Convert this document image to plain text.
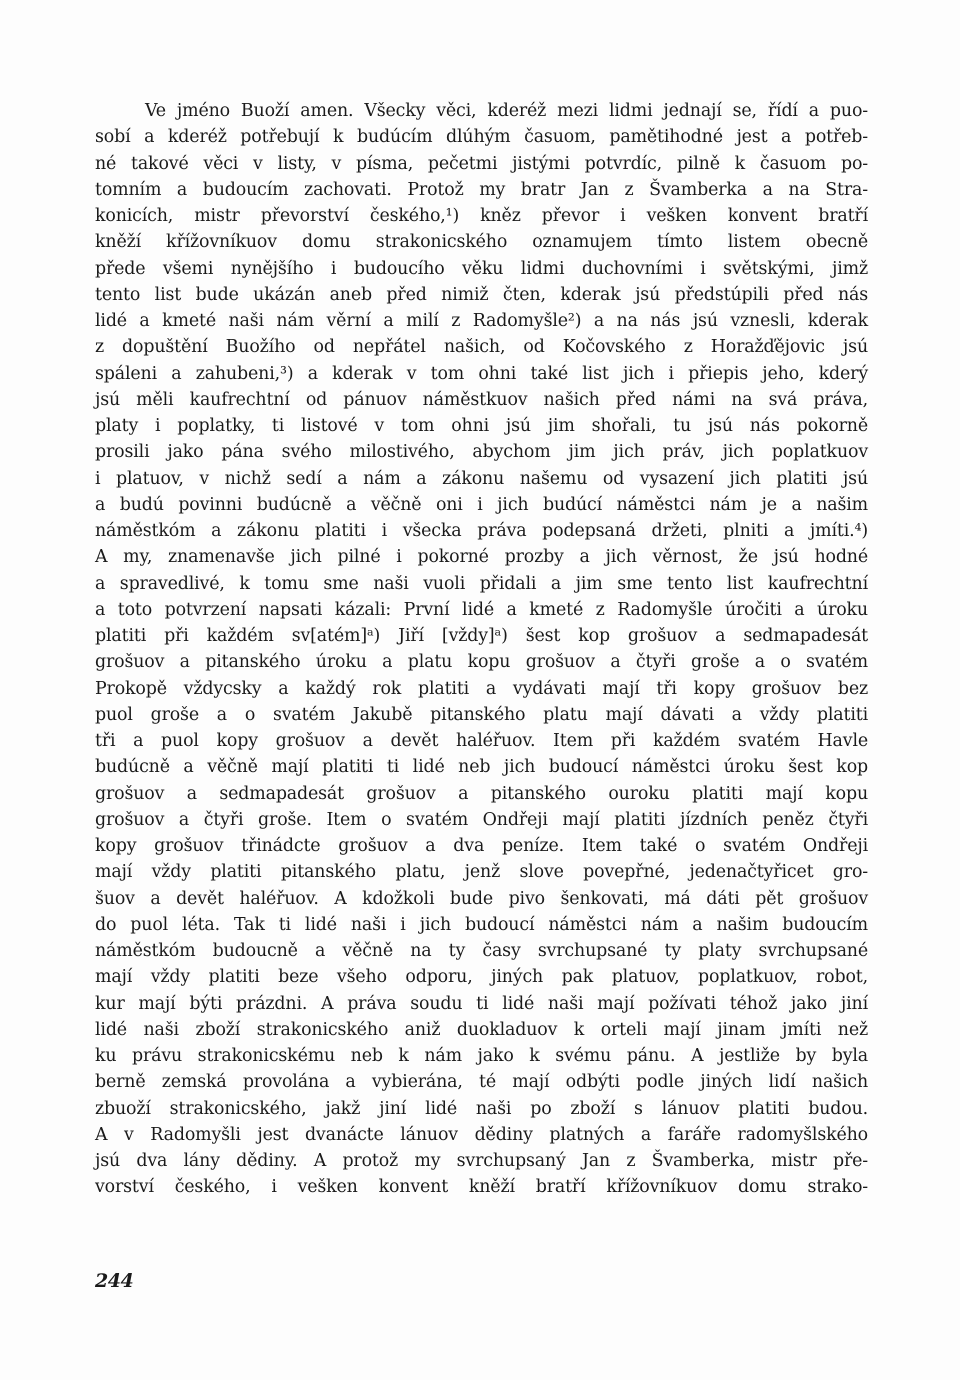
Ve jméno Buoží amen. Všecky věci, kderéž mezi lidmi jednají se, řídí a puo-
sobí a kderéž potřebují k budúcím dlúhým časuom, pamětihodné jest a potřeb-
né takové věci v listy, v písma, pečetmi jistými potvrdíc, pilně k časuom po-
tomním a budoucím zachovati. Protož my bratr Jan z Švamberka a na Stra-
konicích, mistr převorství českého,¹) kněz převor i vešken konvent bratří
kněží křížovníkuov domu strakonicského oznamujem tímto listem obecně
přede všemi nynějšího i budoucího věku lidmi duchovními i světskými, jimž
tento list bude ukázán aneb před nimiž čten, kderak jsú předstúpili před nás
lidé a kmeté naši nám věrní a milí z Radomyšle²) a na nás jsú vznesli, kderak
z dopuštění Buožího od nepřátel našich, od Kočovského z Horažďějovic jsú
spáleni a zahubeni,³) a kderak v tom ohni také list jich i přiepis jeho, kderý
jsú měli kaufrechtní od pánuov náměstkuov našich před námi na svá práva,
platy i poplatky, ti listové v tom ohni jsú jim shořali, tu jsú nás pokorně
prosili jako pána svého milostivého, abychom jim jich práv, jich poplatkuov
i platuov, v nichž sedí a nám a zákonu našemu od vysazení jich platiti jsú
a budú povinni budúcně a věčně oni i jich budúcí náměstci nám je a našim
náměstkóm a zákonu platiti i všecka práva podepsaná držeti, plniti a jmíti.⁴)
A my, znamenavše jich pilné i pokorné prozby a jich věrnost, že jsú hodné
a spravedlivé, k tomu sme naši vuoli přidali a jim sme tento list kaufrechtní
a toto potvrzení napsati kázali: První lidé a kmeté z Radomyšle úročiti a úroku
platiti při každém sv[atém]ᵃ) Jiří [vždy]ᵃ) šest kop grošuov a sedmapadesát
grošuov a pitanského úroku a platu kopu grošuov a čtyři groše a o svatém
Prokopě vždycsky a každý rok platiti a vydávati mají tři kopy grošuov bez
puol groše a o svatém Jakubě pitanského platu mají dávati a vždy platiti
tři a puol kopy grošuov a devět haléřuov. Item při každém svatém Havle
budúcně a věčně mají platiti ti lidé neb jich budoucí náměstci úroku šest kop
grošuov a sedmapadesát grošuov a pitanského ouroku platiti mají kopu
grošuov a čtyři groše. Item o svatém Ondřeji mají platiti jízdních peněz čtyři
kopy grošuov třinádcte grošuov a dva peníze. Item také o svatém Ondřeji
mají vždy platiti pitanského platu, jenž slove povepřné, jedenačtyřicet gro-
šuov a devět haléřuov. A kdožkoli bude pivo šenkovati, má dáti pět grošuov
do puol léta. Tak ti lidé naši i jich budoucí náměstci nám a našim budoucím
náměstkóm budoucně a věčně na ty časy svrchupsané ty platy svrchupsané
mají vždy platiti beze všeho odporu, jiných pak platuov, poplatkuov, robot,
kur mají býti prázdni. A práva soudu ti lidé naši mají požívati téhož jako jiní
lidé naši zboží strakonicského aniž duokladuov k orteli mají jinam jmíti než
ku právu strakonicskému neb k nám jako k svému pánu. A jestliže by byla
berně zemská provolána a vybierána, té mají odbýti podle jiných lidí našich
zbuoží strakonicského, jakž jiní lidé naši po zboží s lánuov platiti budou.
A v Radomyšli jest dvanácte lánuov dědiny platných a faráře radomyšlského
jsú dva lány dědiny. A protož my svrchupsaný Jan z Švamberka, mistr pře-
vorství českého, i vešken konvent kněží bratří křížovníkuov domu strako-
244
